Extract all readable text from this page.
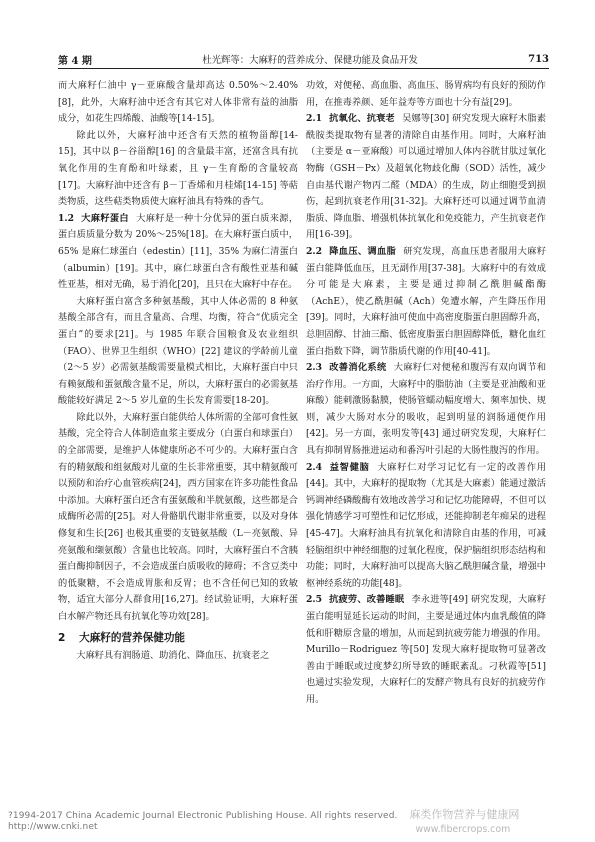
第 4 期	杜光辉等：大麻籽的营养成分、保健功能及食品开发	713

而大麻籽仁油中 γ－亚麻酸含量却高达 0.50%～2.40%[8]，此外，大麻籽油中还含有其它对人体非常有益的油脂成分，如花生四烯酸、油酸等[14-15]。

除此以外，大麻籽油中还含有天然的植物甾醇[14-15]，其中以 β－谷甾醇[16] 的含量最丰富，还富含具有抗氧化作用的生育酚和叶绿素，且 γ－生育酚的含量较高[17]。大麻籽油中还含有 β－丁香烯和月桂烯[14-15] 等萜类物质，这些萜类物质使大麻籽油具有特殊的香气。

1.2 大麻籽蛋白 大麻籽是一种十分优异的蛋白质来源，蛋白质质量分数为 20%～25%[18]。在大麻籽蛋白质中，65% 是麻仁球蛋白（edestin）[11]，35% 为麻仁清蛋白（albumin）[19]。其中，麻仁球蛋白含有酸性亚基和碱性亚基，相对无确，易于消化[20]，且只在大麻籽中存在。

大麻籽蛋白富含多种氨基酸，其中人体必需的 8 种氨基酸全部含有，而且含量高、合理、均衡，符合“优质完全蛋白”的要求[21]。与 1985 年联合国粮食及农业组织（FAO）、世界卫生组织（WHO）[22] 建议的学龄前儿童（2～5 岁）必需氨基酸需要量模式相比，大麻籽蛋白中只有赖氨酸和蛋氨酸含量不足，所以，大麻籽蛋白的必需氨基酸能较好满足 2～5 岁儿童的生长发育需要[18-20]。

除此以外，大麻籽蛋白能供给人体所需的全部可食性氨基酸，完全符合人体制造血浆主要成分（白蛋白和球蛋白）的全部需要，是维护人体健康所必不可少的。大麻籽蛋白含有的精氨酸和组氨酸对儿童的生长非常重要，其中精氨酸可以预防和治疗心血管疾病[24]，西方国家在许多功能性食品中添加。大麻籽蛋白还含有蛋氨酸和半胱氨酸，这些都是合成酶所必需的[25]。对人骨骼肌代谢非常重要，以及对身体修复和生长[26] 也极其重要的支链氨基酸（L－亮氨酸、异亮氨酸和缬氨酸）含量也比较高。同时，大麻籽蛋白不含胰蛋白酶抑制因子，不会造成蛋白质吸收的障碍；不含豆类中的低聚糖，不会造成胃胀和反胃；也不含任何已知的致敏物，适宜大部分人群食用[16,27]。经试验证明，大麻籽蛋白水解产物还具有抗氧化等功效[28]。

2 大麻籽的营养保健功能

大麻籽具有润肠道、助消化、降血压、抗衰老之

功效，对便秘、高血脂、高血压、肠胃病均有良好的预防作用，在推毒养颜、延年益寿等方面也十分有益[29]。

2.1 抗氧化、抗衰老 吴娜等[30] 研究发现大麻籽木脂素酰胺类提取物有显著的清除自由基作用。同时，大麻籽油（主要是 α－亚麻酸）可以通过增加人体内谷胱甘肽过氧化物酶（GSH－Px）及超氧化物歧化酶（SOD）活性，减少自由基代谢产物丙二醛（MDA）的生成，防止细胞受到损伤，起到抗衰老作用[31-32]。大麻籽还可以通过调节血清脂质、降血脂、增强机体抗氧化和免疫能力，产生抗衰老作用[16-39]。

2.2 降血压、调血脂 研究发现，高血压患者服用大麻籽蛋白能降低血压，且无副作用[37-38]。大麻籽中的有效成分可能是大麻素，主要是通过抑制乙酰胆碱酯酶（AchE），使乙酰胆碱（Ach）免遭水解，产生降压作用[39]。同时，大麻籽油可使血中高密度脂蛋白胆固醇升高，总胆固醇、甘油三酯、低密度脂蛋白胆固醇降低，糖化血红蛋白指数下降，调节脂质代谢的作用[40-41]。

2.3 改善消化系统 大麻籽仁对便秘和腹泻有双向调节和治疗作用。一方面，大麻籽中的脂肪油（主要是亚油酸和亚麻酸）能刺激肠黏膜，使肠管蠕动幅度增大、频率加快、规则，减少大肠对水分的吸收，起到明显的润肠通便作用[42]。另一方面，张明发等[43] 通过研究发现，大麻籽仁具有抑制胃肠推进运动和番泻叶引起的大肠性腹泻的作用。

2.4 益智健脑 大麻籽仁对学习记忆有一定的改善作用[44]。其中，大麻籽的提取物（尤其是大麻素）能通过激活钙调神经磷酸酶有效地改善学习和记忆功能障碍，不但可以强化情感学习可塑性和记忆形成，还能抑制老年痴呆的进程[45-47]。大麻籽油具有抗氧化和清除自由基的作用，可减轻脑组织中神经细胞的过氧化程度，保护脑组织形态结构和功能；同时，大麻籽油可以提高大脑乙酰胆碱含量，增强中枢神经系统的功能[48]。

2.5 抗疲劳、改善睡眠 李永进等[49] 研究发现，大麻籽蛋白能明显延长运动的时间，主要是通过体内血乳酸值的降低和肝糖原含量的增加，从而起到抗疲劳能力增强的作用。Murillo－Rodriguez 等[50] 发现大麻籽提取物可显著改善由于睡眠或过度梦幻所导致的睡眠紊乱。刁秋霞等[51] 也通过实验发现，大麻籽仁的发酵产物具有良好的抗疲劳作用。

?1994-2017 China Academic Journal Electronic Publishing House. All rights reserved. http://www.cnki.net
麻类作物营养与健康网www.fibercrops.com
